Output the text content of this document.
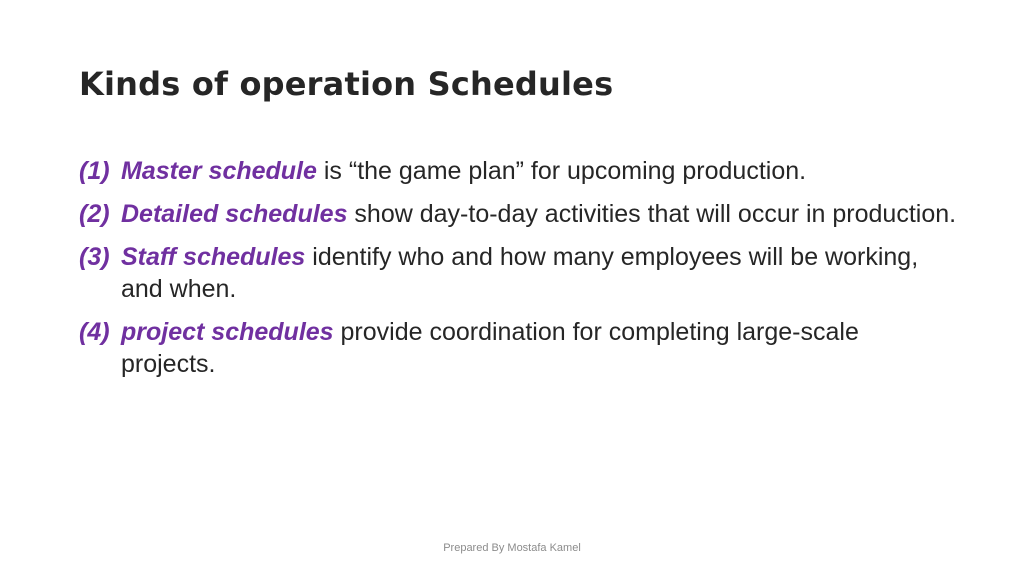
Kinds of operation Schedules
(1) Master schedule is “the game plan” for upcoming production.
(2) Detailed schedules show day-to-day activities that will occur in production.
(3) Staff schedules identify who and how many employees will be working, and when.
(4) project schedules provide coordination for completing large-scale projects.
Prepared By Mostafa Kamel
